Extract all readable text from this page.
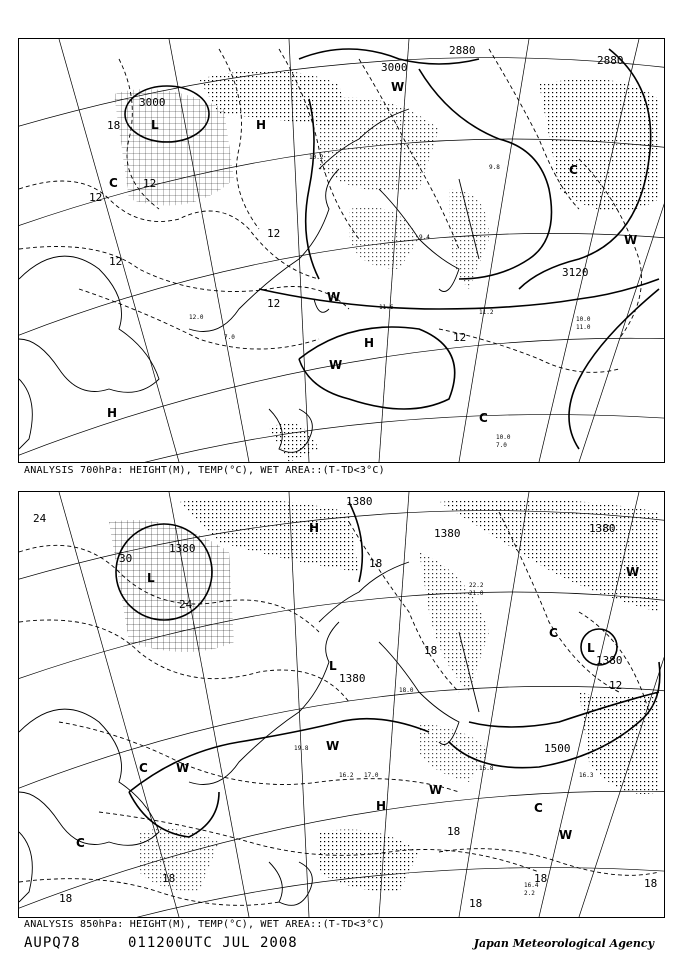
H
H
H
L
C
C
C
W
W
W
W
3000
3000
2880
2880
3120
18
12
12
12
12
12
12
10.2
11.6
7.0
9.8
11.2
10.0
11.0
10.0
7.0
9.4
12.0
ANALYSIS 700hPa: HEIGHT(M), TEMP(°C), WET AREA::(T-TD<3°C)
H
H
L
L
L
C
C
C
C
W
W
W
W
W
1380
1380
1380	1380
1500
1380
1380
24
30
24
18
18
18
18
18	18
18	18
12
17.0
22.2
21.0
19.8
18.0
16.2
15.8
16.4
2.2
16.3
ANALYSIS 850hPa: HEIGHT(M), TEMP(°C), WET AREA::(T-TD<3°C)
AUPQ78	011200UTC JUL 2008	Japan Meteorological Agency
